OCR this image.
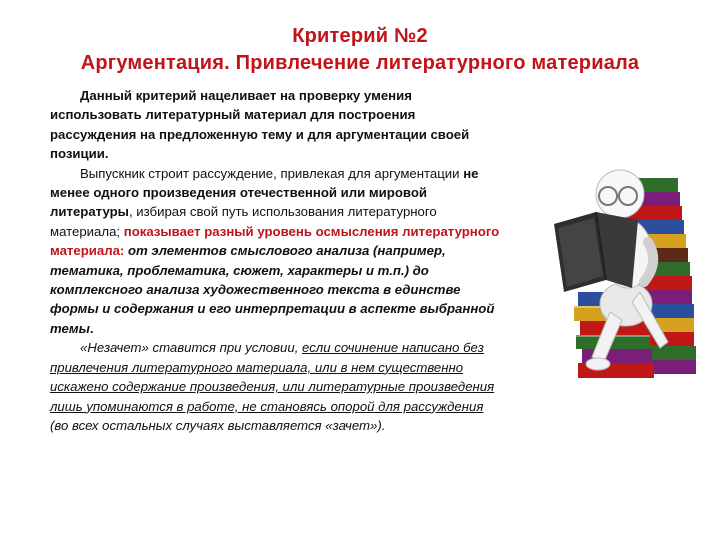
Критерий №2
Аргументация. Привлечение литературного материала

Данный критерий нацеливает на проверку умения использовать литературный материал для построения рассуждения на предложенную тему и для аргументации своей позиции.

Выпускник строит рассуждение, привлекая для аргументации не менее одного произведения отечественной или мировой литературы, избирая свой путь использования литературного материала; показывает разный уровень осмысления литературного материала: от элементов смыслового анализа (например, тематика, проблематика, сюжет, характеры и т.п.) до комплексного анализа художественного текста в единстве формы и содержания и его интерпретации в аспекте выбранной темы.

«Незачет» ставится при условии, если сочинение написано без привлечения литературного материала, или в нем существенно искажено содержание произведения, или литературные произведения лишь упоминаются в работе, не становясь опорой для рассуждения (во всех остальных случаях выставляется «зачет»).
